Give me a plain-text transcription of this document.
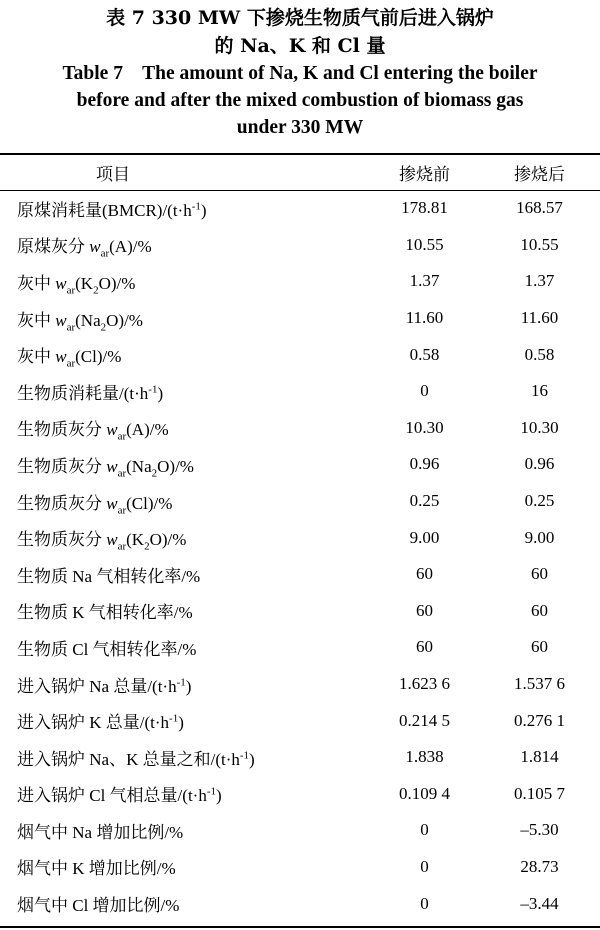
表 7 330 MW 下掺烧生物质气前后进入锅炉
的 Na、K 和 Cl 量
Table 7    The amount of Na, K and Cl entering the boiler
before and after the mixed combustion of biomass gas
under 330 MW
项目	掺烧前	掺烧后
原煤消耗量$(BMCR)/(t\cdot h^{-1})$	178.81	168.57
原煤灰分 $w_{ar}(A)/\%$	10.55	10.55
灰中 $w_{ar}(K_2O)/\%$	1.37	1.37
灰中 $w_{ar}(Na_2O)/\%$	11.60	11.60
灰中 $w_{ar}(Cl)/\%$	0.58	0.58
生物质消耗量$/(t\cdot h^{-1})$	0	16
生物质灰分 $w_{ar}(A)/\%$	10.30	10.30
生物质灰分 $w_{ar}(Na_2O)/\%$	0.96	0.96
生物质灰分 $w_{ar}(Cl)/\%$	0.25	0.25
生物质灰分 $w_{ar}(K_2O)/\%$	9.00	9.00
生物质 Na 气相转化率/%	60	60
生物质 K 气相转化率/%	60	60
生物质 Cl 气相转化率/%	60	60
进入锅炉 Na 总量$/(t\cdot h^{-1})$	1.623 6	1.537 6
进入锅炉 K 总量$/(t\cdot h^{-1})$	0.214 5	0.276 1
进入锅炉 Na、K 总量之和$/(t\cdot h^{-1})$	1.838	1.814
进入锅炉 Cl 气相总量$/(t\cdot h^{-1})$	0.109 4	0.105 7
烟气中 Na 增加比例/%	0	–5.30
烟气中 K 增加比例/%	0	28.73
烟气中 Cl 增加比例/%	0	–3.44
